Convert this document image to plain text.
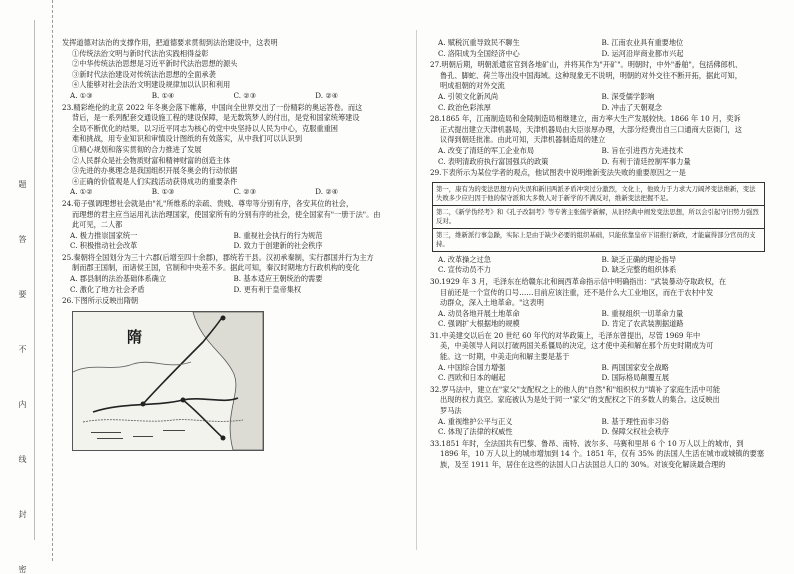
题
答
要
不
内
线
封
密
发挥道德对法治的支撑作用，把道德要求贯彻到法治建设中，这表明
①传统法治文明与新时代法治实践相得益彰
②中华传统法治思想是习近平新时代法治思想的源头
③新时代法治建设对传统法治思想的全面承袭
④人能够对社会法治文明建设规律加以认识和利用
A. ①③	B. ①④	C. ②③	D. ②④
23.精彩绝伦的北京 2022 年冬奥会落下帷幕，中国向全世界交出了一份精彩的奥运答卷。而这
背后，是一系列配套交通设施工程的建设保障，是无数筑梦人的付出，是党和国家统筹建设
全局不断优化的结果。以习近平同志为核心的党中央坚持以人民为中心，克服重重困
难和挑战，用专业知识和审慎设计图纸的有效落实，从中我们可以认识到
①精心规划和落实贯彻的合力推进了发展
②人民群众是社会物质财富和精神财富的创造主体
③先进的办奥理念是我国组织开展冬奥会的行动依据
④正确的价值观是人们实践活动获得成功的重要条件
A. ①②	B. ①③	C. ②③	D. ②④
24.荀子强调理想社会就是由"礼"所维系的亲疏、贵贱、尊卑等分别有序，各安其位的社会，
而理想的君主应当运用礼法治理国家，使国家所有的分别有序的社会，使全国家有"一册于法"。由
此可见，二人都
A. 极力推崇国家统一	B. 重视社会执行的行为规范
C. 积极推动社会改革	D. 致力于创建新的社会秩序
25.秦朝将全国划分为三十六郡(后增至四十余郡)，郡统若干县。汉初承秦制，实行郡国并行为主方
制而郡王国制，而诸侯王国，官制和中央差不多。据此可知，秦汉时期地方行政机构的变化
A. 郡县制的法治基础体系确立	B. 基本适应王朝统治的需要
C. 激化了地方社会矛盾	D. 更有利于皇帝集权
26.下图所示反映出隋朝
隋
A. 赋税沉重导致民不聊生	B. 江南农业具有重要地位
C. 洛阳成为全国经济中心	D. 运河沿岸商业都市兴起
27.明朝后期，明朝派遣宦官到各地矿山，并将其作为"开矿"。明朝时，中外"番舶"，包括佛郎机、
鲁孔、脚蛇、荷兰等出没中国海域。这种现象无不说明，明朝的对外交往不断开拓，据此可知，
明成祖朝的对外交流
A. 引领文化新风尚	B. 深受儒学影响
C. 政治色彩浓厚	D. 冲击了天朝观念
28.1865 年，江南制造局和金陵制造局相继建立，南方率大生产发展较快。1866 年 10 月，奕诉
正式提出建立天津机器局，天津机器局由大臣崇厚办理，大部分经费出自三口通商大臣衙门，这
议得到朝廷批准。由此可知，天津机器制造局的建立
A. 改变了清廷的军工企业布局	B. 旨在引进西方先进技术
C. 表明清政府执行富国强兵的政策	D. 有利于清廷控制军事力量
29.下表所示为某位学者的观点，他试图表中说明维新变法失败的重要原因之一是
第一，康有为的变法思想方向失误和新旧两派矛盾冲突过分激烈，文化上，他致力于力求大刀阔斧变法维新，变法失败多少应归因于他的保守派和大多数人对于新学的不满反对，维新变法把握不足。
第二，《新学伪经考》和《孔子改制考》等专著主张儒学新解，从旧经典中阐发变法思想，所以会引起守旧势力强烈反对。
第三，维新派行事急躁，实际上是由于缺少必要的组织基础，只能依靠皇帝下诏推行新政，才能赢得部分官员的支持。
A. 改革操之过急	B. 缺乏正确的理论指导
C. 宣传动员不力	D. 缺乏完整的组织体系
30.1929 年 3 月，毛泽东在给赣东北和闽西革命指示信中明确指出："武装暴动夺取政权，在
目前还是一个宣传的口号……目前应该注重，还不是什么大工业地区，而在于农村中发
动群众，深入土地革命。"这表明
A. 动员各地开展土地革命	B. 重视组织一切革命力量
C. 强调扩大根据地的规模	D. 肯定了农武装割据道路
31.中美建交以后在 20 世纪 60 年代的对华政策上，毛泽东曾提出，尽管 1969 年中
美，中美领导人间以打破两国关系僵局的决定，这才使中美和解在那个历史时期成为可
能。这一时期，中美走向和解主要是基于
A. 中国综合国力增强	B. 两国国家安全战略
C. 西欧和日本的崛起	D. 国际格局颠覆互展
32.罗马法中，建立在"家父"支配权之上的他人的"自然"和"组织权力"填补了家庭生活中可能
出现的权力真空。家庭被认为是处于同一"家父"的支配权之下的多数人的集合。这反映出
罗马法
A. 重视维护公平与正义	B. 基于理性而非习俗
C. 体现了法律的权威性	D. 保障父权社会秩序
33.1851 年时，全法国共有巴黎、鲁昂、南特、波尔多、马赛和里昂 6 个 10 万人以上的城市，到
1896 年，10 万人以上的城市增加到 14 个。1851 年，仅有 35% 的法国人生活在城市或城镇的要塞
族，及至 1911 年，居住在这些的法国人口占法国总人口的 30%。对该变化解读最合理的
